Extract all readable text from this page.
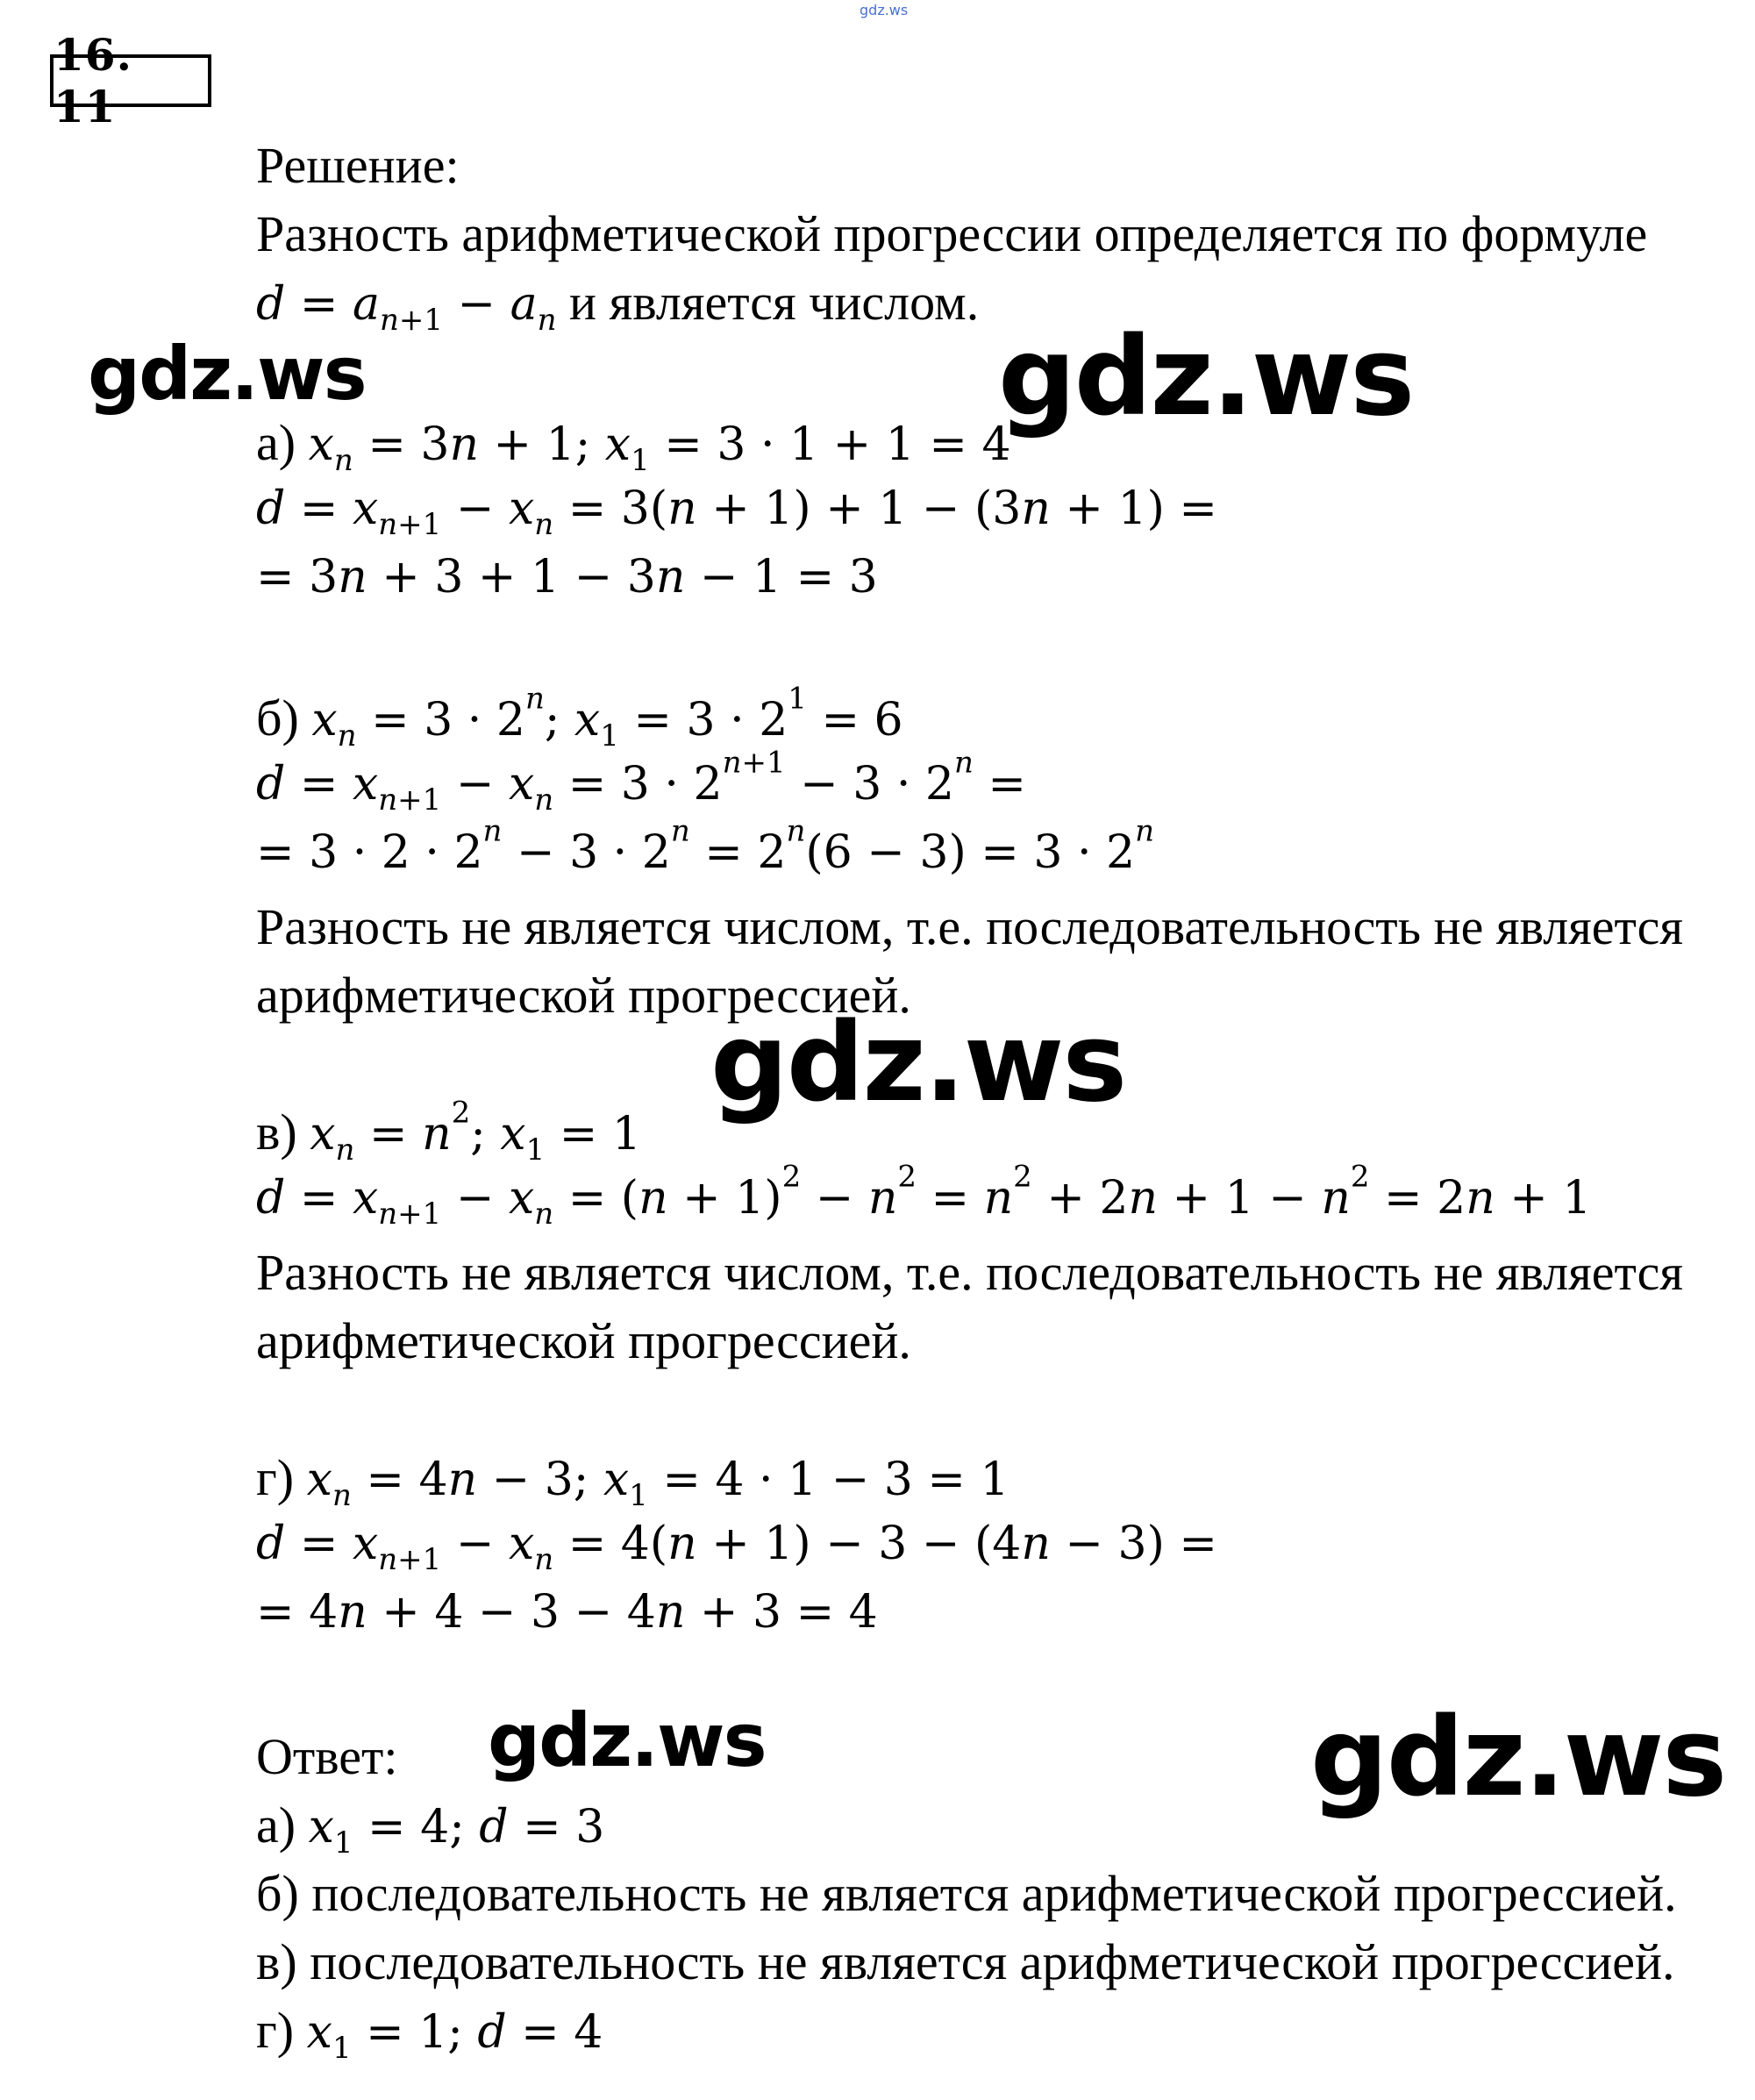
gdz.ws
16. 11
Решение:
Разность арифметической прогрессии определяется по формуле
$d = a_{n+1} - a_n$ и является числом.
а) $x_n = 3n + 1$; $x_1 = 3 \cdot 1 + 1 = 4$
$d = x_{n+1} - x_n = 3(n + 1) + 1 - (3n + 1)$ =
= 3n + 3 + 1 − 3n − 1 = 3
б) $x_n = 3 \cdot 2^n$; $x_1 = 3 \cdot 2^1 = 6$
$d = x_{n+1} - x_n = 3 \cdot 2^{n+1} - 3 \cdot 2^n$ =
= $3 \cdot 2 \cdot 2^n - 3 \cdot 2^n = 2^n(6 - 3) = 3 \cdot 2^n$
Разность не является числом, т.е. последовательность не является
арифметической прогрессией.
в) $x_n = n^2$; $x_1 = 1$
$d = x_{n+1} - x_n = (n + 1)^2 - n^2 = n^2 + 2n + 1 - n^2 = 2n + 1$
Разность не является числом, т.е. последовательность не является
арифметической прогрессией.
г) $x_n = 4n - 3$; $x_1 = 4 \cdot 1 - 3 = 1$
$d = x_{n+1} - x_n = 4(n + 1) - 3 - (4n - 3)$ =
= 4n + 4 − 3 − 4n + 3 = 4
Ответ:
а) $x_1 = 4$; d = 3
б) последовательность не является арифметической прогрессией.
в) последовательность не является арифметической прогрессией.
г) $x_1 = 1$; d = 4
gdz.ws	gdz.ws
gdz.ws
gdz.ws	gdz.ws
